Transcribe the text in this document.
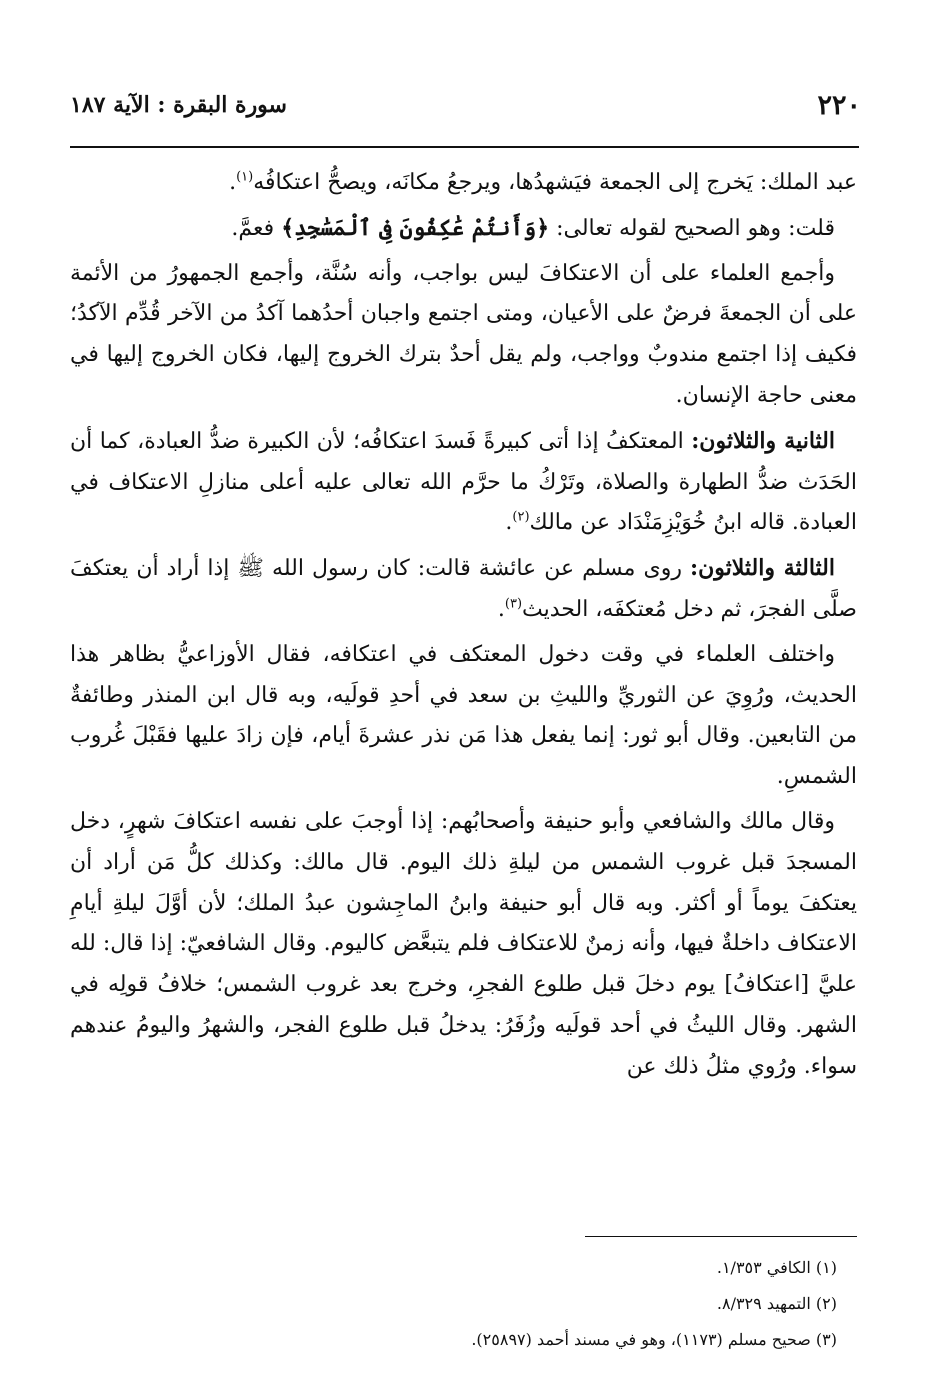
٢٢٠
سورة البقرة : الآية ١٨٧

عبد الملك: يَخرج إلى الجمعة فيَشهدُها، ويرجعُ مكانَه، ويصحُّ اعتكافُه$^{(١)}$.

قلت: وهو الصحيح لقوله تعالى: ﴿وَأَنتُمْ عَٰكِفُونَ فِى ٱلْمَسَٰجِدِ﴾ فعمَّ.

وأجمع العلماء على أن الاعتكافَ ليس بواجب، وأنه سُنَّة، وأجمع الجمهورُ من الأئمة على أن الجمعةَ فرضٌ على الأعيان، ومتى اجتمع واجبان أحدُهما آكدُ من الآخر قُدِّم الآكدُ؛ فكيف إذا اجتمع مندوبٌ وواجب، ولم يقل أحدٌ بترك الخروج إليها، فكان الخروج إليها في معنى حاجة الإنسان.

الثانية والثلاثون: المعتكفُ إذا أتى كبيرةً فَسدَ اعتكافُه؛ لأن الكبيرة ضدُّ العبادة، كما أن الحَدَث ضدُّ الطهارة والصلاة، وتَرْكُ ما حرَّم الله تعالى عليه أعلى منازلِ الاعتكاف في العبادة. قاله ابنُ خُوَيْزِمَنْدَاد عن مالك$^{(٢)}$.

الثالثة والثلاثون: روى مسلم عن عائشة قالت: كان رسول الله ﷺ إذا أراد أن يعتكفَ صلَّى الفجرَ، ثم دخل مُعتكفَه، الحديث$^{(٣)}$.

واختلف العلماء في وقت دخول المعتكف في اعتكافه، فقال الأوزاعيُّ بظاهر هذا الحديث، ورُوِيَ عن الثوريِّ والليثِ بن سعد في أحدِ قولَيه، وبه قال ابن المنذر وطائفةٌ من التابعين. وقال أبو ثور: إنما يفعل هذا مَن نذر عشرةَ أيام، فإن زادَ عليها فقَبْلَ غُروب الشمسِ.

وقال مالك والشافعي وأبو حنيفة وأصحابُهم: إذا أوجبَ على نفسه اعتكافَ شهرٍ، دخل المسجدَ قبل غروب الشمس من ليلةِ ذلك اليوم. قال مالك: وكذلك كلُّ مَن أراد أن يعتكفَ يوماً أو أكثر. وبه قال أبو حنيفة وابنُ الماجِشون عبدُ الملك؛ لأن أوَّلَ ليلةِ أيامِ الاعتكاف داخلةٌ فيها، وأنه زمنٌ للاعتكاف فلم يتبعَّض كاليوم. وقال الشافعيّ: إذا قال: لله عليَّ [اعتكافُ] يوم دخلَ قبل طلوع الفجرِ، وخرج بعد غروب الشمس؛ خلافُ قولِه في الشهر. وقال الليثُ في أحد قولَيه وزُفَرُ: يدخلُ قبل طلوع الفجر، والشهرُ واليومُ عندهم سواء. ورُوي مثلُ ذلك عن

(١) الكافي ١/٣٥٣.
(٢) التمهيد ٨/٣٢٩.
(٣) صحيح مسلم (١١٧٣)، وهو في مسند أحمد (٢٥٨٩٧).
